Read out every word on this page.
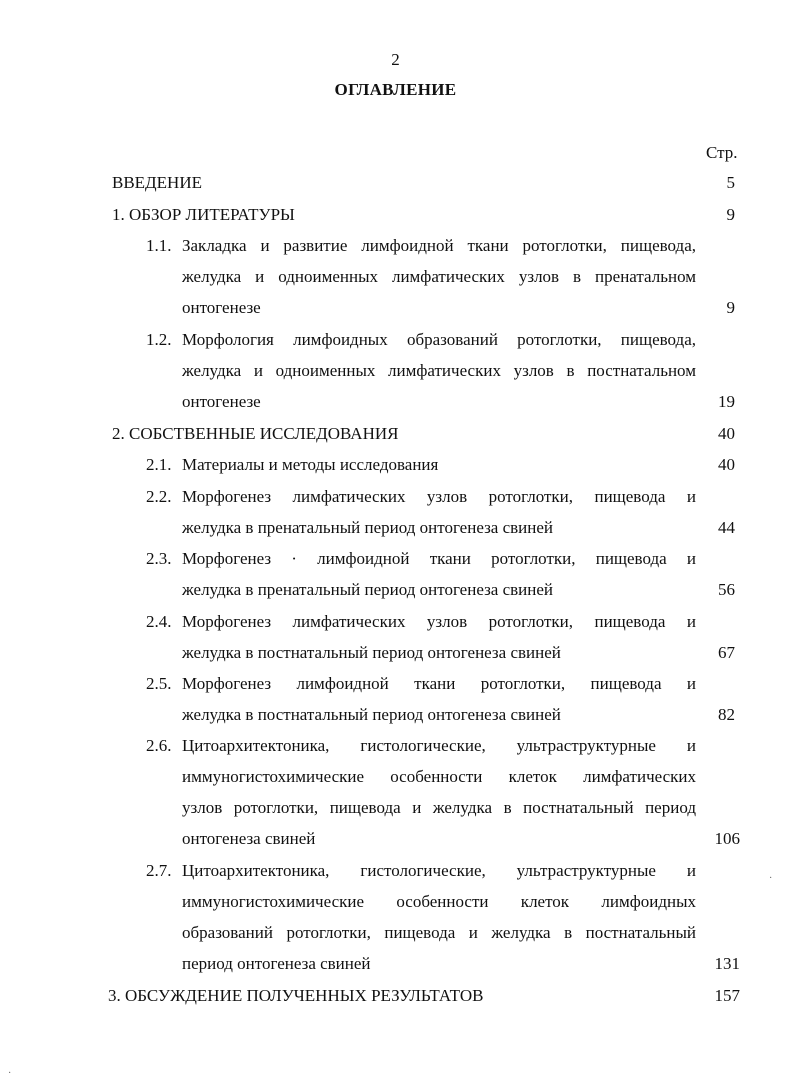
2
ОГЛАВЛЕНИЕ
Стр.
ВВЕДЕНИЕ	5
1. ОБЗОР ЛИТЕРАТУРЫ	9
1.1. Закладка и развитие лимфоидной ткани ротоглотки, пищевода,
желудка и одноименных лимфатических узлов в пренатальном
онтогенезе	9
1.2. Морфология лимфоидных образований ротоглотки, пищевода,
желудка и одноименных лимфатических узлов в постнатальном
онтогенезе	19
2. СОБСТВЕННЫЕ ИССЛЕДОВАНИЯ	40
2.1. Материалы и методы исследования	40
2.2. Морфогенез лимфатических узлов ротоглотки, пищевода и
желудка в пренатальный период онтогенеза свиней	44
2.3. Морфогенез · лимфоидной ткани ротоглотки, пищевода и
желудка в пренатальный период онтогенеза свиней	56
2.4. Морфогенез лимфатических узлов ротоглотки, пищевода и
желудка в постнатальный период онтогенеза свиней	67
2.5. Морфогенез лимфоидной ткани ротоглотки, пищевода и
желудка в постнатальный период онтогенеза свиней	82
2.6. Цитоархитектоника, гистологические, ультраструктурные и
иммуногистохимические особенности клеток лимфатических
узлов ротоглотки, пищевода и желудка в постнатальный период
онтогенеза свиней	106
2.7. Цитоархитектоника, гистологические, ультраструктурные и
иммуногистохимические особенности клеток лимфоидных
образований ротоглотки, пищевода и желудка в постнатальный
период онтогенеза свиней	131
3. ОБСУЖДЕНИЕ ПОЛУЧЕННЫХ РЕЗУЛЬТАТОВ	157
·
·
